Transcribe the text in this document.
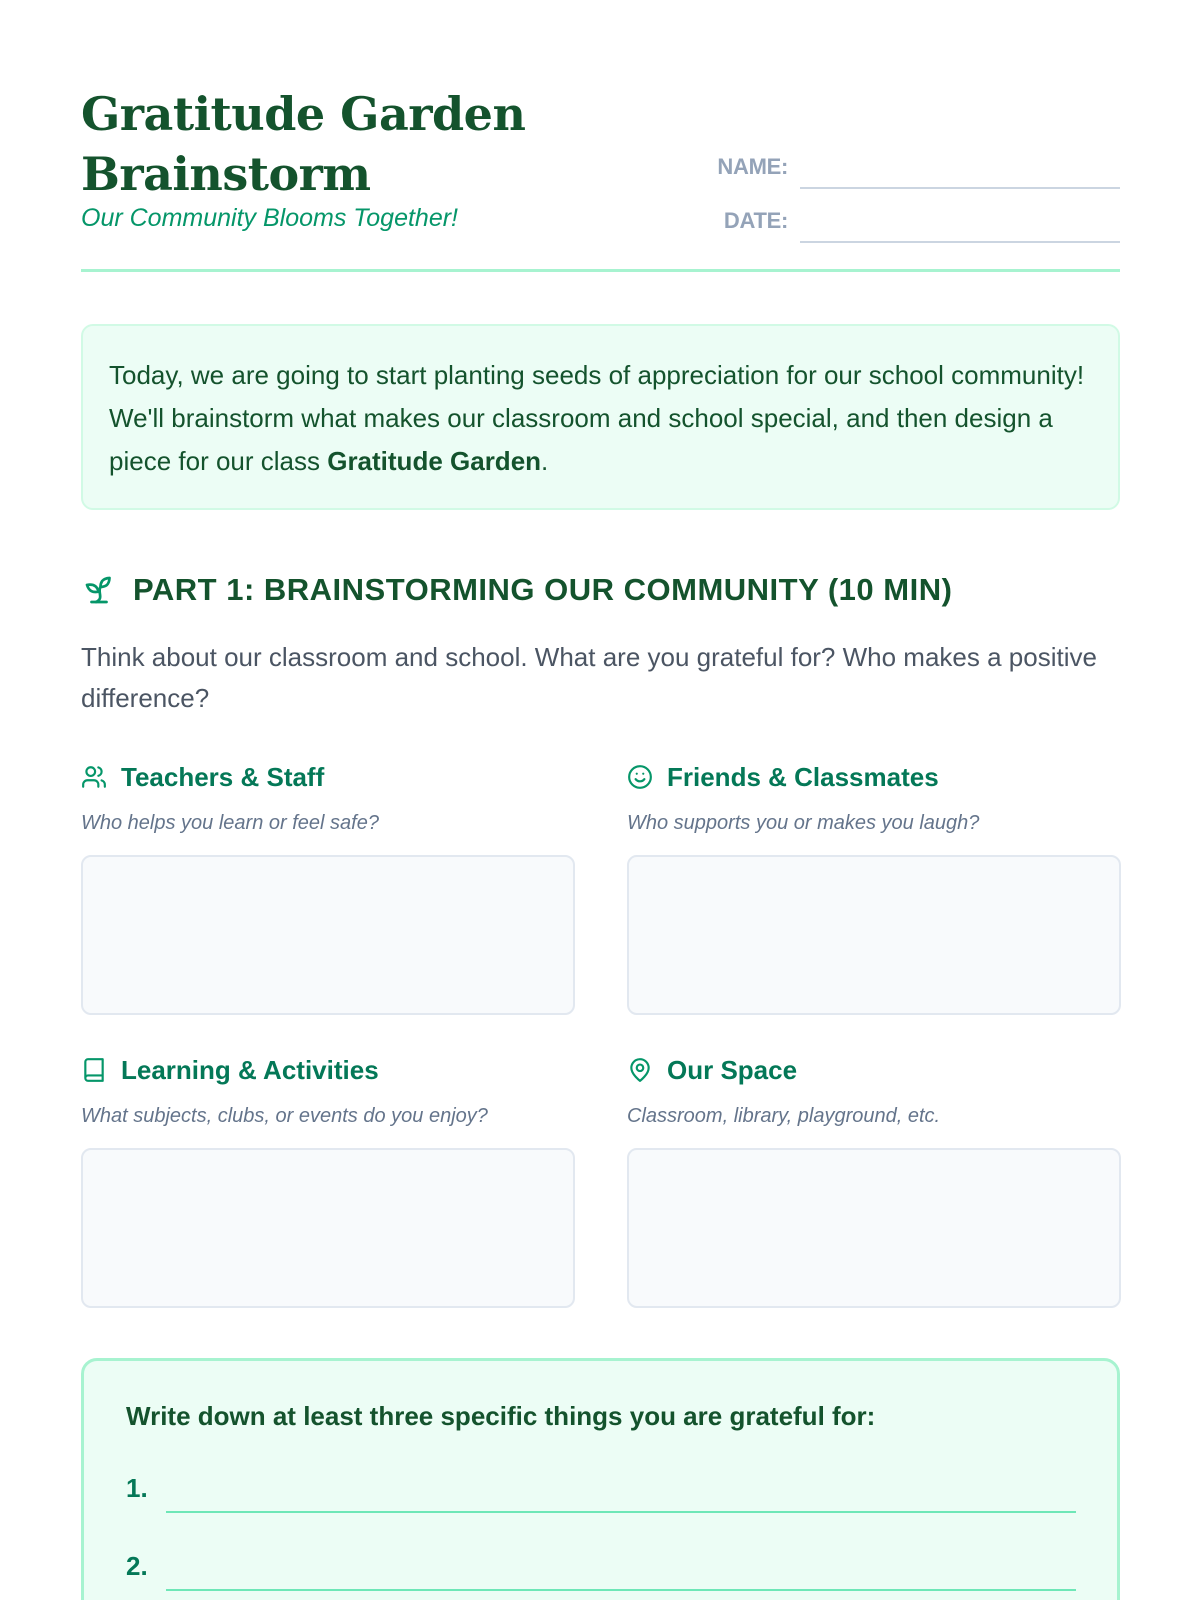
Gratitude Garden
Brainstorm
Our Community Blooms Together!
NAME:
DATE:
Today, we are going to start planting seeds of appreciation for our school community! We'll brainstorm what makes our classroom and school special, and then design a piece for our class Gratitude Garden.
PART 1: BRAINSTORMING OUR COMMUNITY (10 MIN)
Think about our classroom and school. What are you grateful for? Who makes a positive difference?
Teachers & Staff
Who helps you learn or feel safe?
Friends & Classmates
Who supports you or makes you laugh?
Learning & Activities
What subjects, clubs, or events do you enjoy?
Our Space
Classroom, library, playground, etc.
Write down at least three specific things you are grateful for:
1.
2.
